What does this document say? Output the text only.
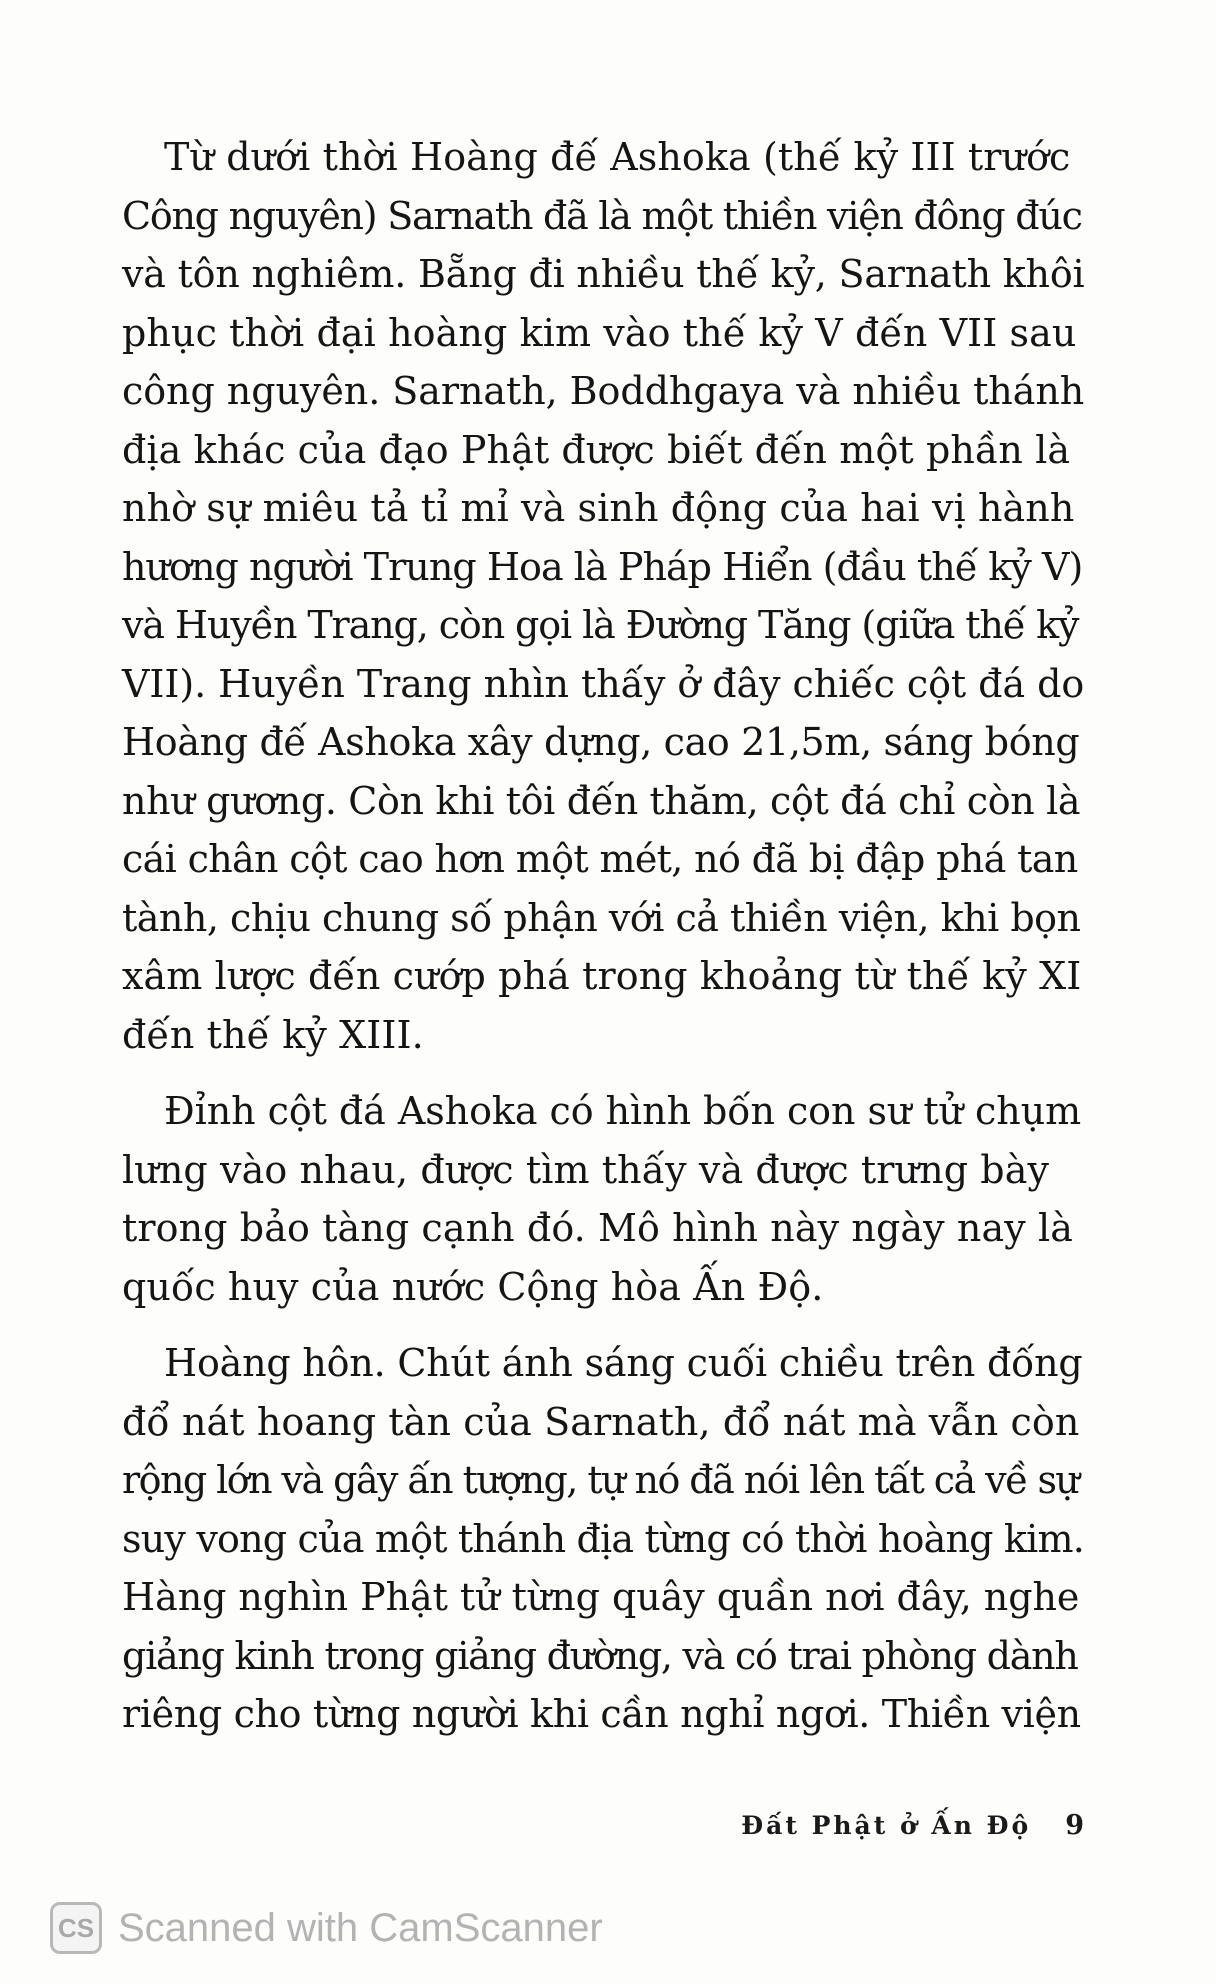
Từ dưới thời Hoàng đế Ashoka (thế kỷ III trước
Công nguyên) Sarnath đã là một thiền viện đông đúc
và tôn nghiêm. Bẵng đi nhiều thế kỷ, Sarnath khôi
phục thời đại hoàng kim vào thế kỷ V đến VII sau
công nguyên. Sarnath, Boddhgaya và nhiều thánh
địa khác của đạo Phật được biết đến một phần là
nhờ sự miêu tả tỉ mỉ và sinh động của hai vị hành
hương người Trung Hoa là Pháp Hiển (đầu thế kỷ V)
và Huyền Trang, còn gọi là Đường Tăng (giữa thế kỷ
VII). Huyền Trang nhìn thấy ở đây chiếc cột đá do
Hoàng đế Ashoka xây dựng, cao 21,5m, sáng bóng
như gương. Còn khi tôi đến thăm, cột đá chỉ còn là
cái chân cột cao hơn một mét, nó đã bị đập phá tan
tành, chịu chung số phận với cả thiền viện, khi bọn
xâm lược đến cướp phá trong khoảng từ thế kỷ XI
đến thế kỷ XIII.
Đỉnh cột đá Ashoka có hình bốn con sư tử chụm
lưng vào nhau, được tìm thấy và được trưng bày
trong bảo tàng cạnh đó. Mô hình này ngày nay là
quốc huy của nước Cộng hòa Ấn Độ.
Hoàng hôn. Chút ánh sáng cuối chiều trên đống
đổ nát hoang tàn của Sarnath, đổ nát mà vẫn còn
rộng lớn và gây ấn tượng, tự nó đã nói lên tất cả về sự
suy vong của một thánh địa từng có thời hoàng kim.
Hàng nghìn Phật tử từng quây quần nơi đây, nghe
giảng kinh trong giảng đường, và có trai phòng dành
riêng cho từng người khi cần nghỉ ngơi. Thiền viện
Đất Phật ở Ấn Độ 9
CS Scanned with CamScanner
